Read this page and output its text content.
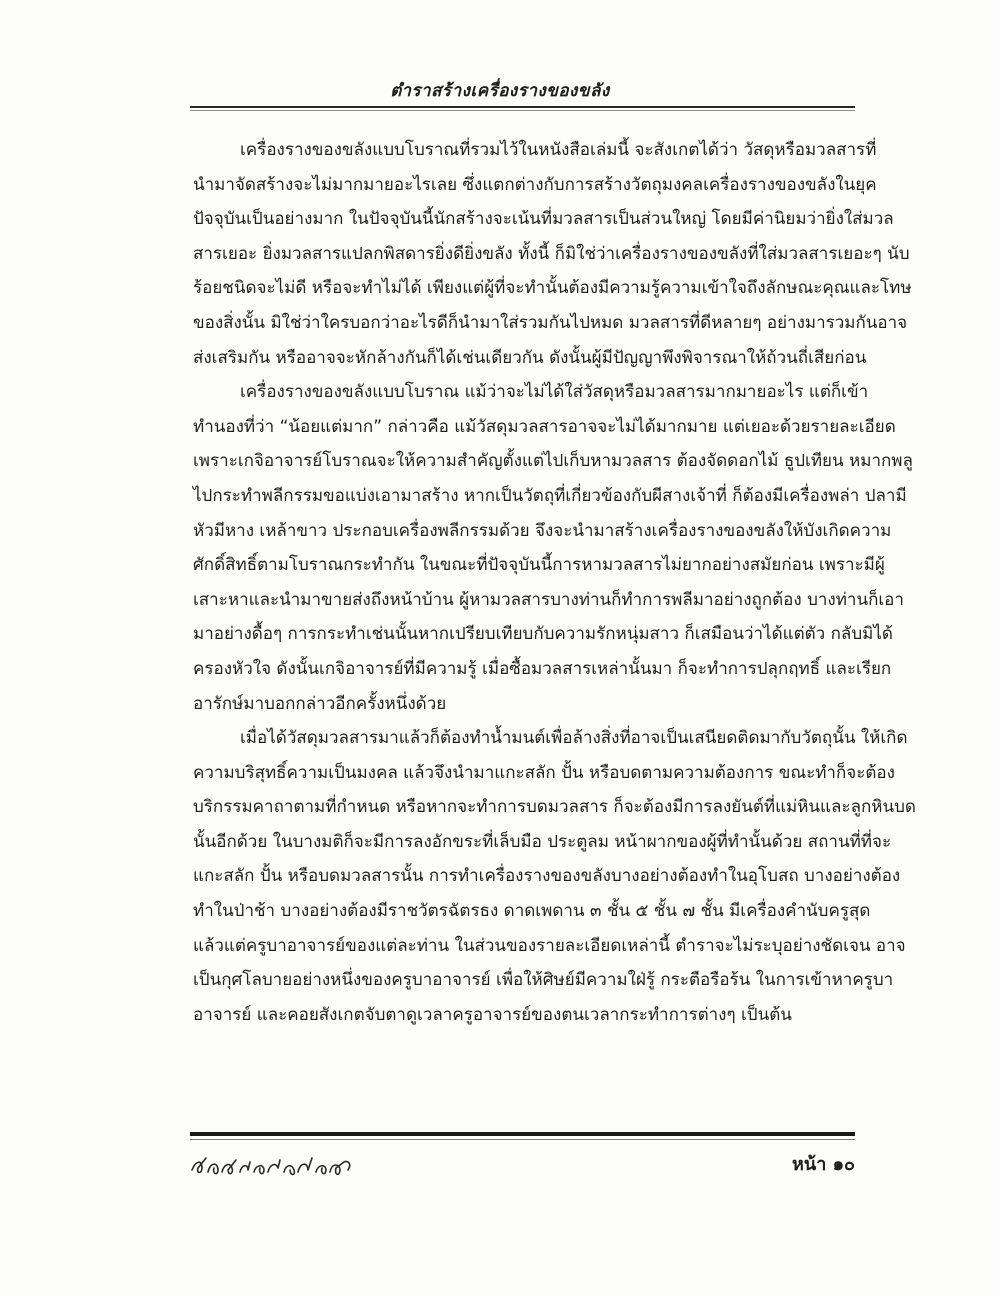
ตำราสร้างเครื่องรางของขลัง
เครื่องรางของขลังแบบโบราณที่รวมไว้ในหนังสือเล่มนี้ จะสังเกตได้ว่า วัสดุหรือมวลสารที่
นำมาจัดสร้างจะไม่มากมายอะไรเลย ซึ่งแตกต่างกับการสร้างวัตถุมงคลเครื่องรางของขลังในยุค
ปัจจุบันเป็นอย่างมาก ในปัจจุบันนี้นักสร้างจะเน้นที่มวลสารเป็นส่วนใหญ่ โดยมีค่านิยมว่ายิ่งใส่มวล
สารเยอะ ยิ่งมวลสารแปลกพิสดารยิ่งดียิ่งขลัง ทั้งนี้ ก็มิใช่ว่าเครื่องรางของขลังที่ใส่มวลสารเยอะๆ นับ
ร้อยชนิดจะไม่ดี หรือจะทำไม่ได้ เพียงแต่ผู้ที่จะทำนั้นต้องมีความรู้ความเข้าใจถึงลักษณะคุณและโทษ
ของสิ่งนั้น มิใช่ว่าใครบอกว่าอะไรดีก็นำมาใส่รวมกันไปหมด มวลสารที่ดีหลายๆ อย่างมารวมกันอาจ
ส่งเสริมกัน หรืออาจจะหักล้างกันก็ได้เช่นเดียวกัน ดังนั้นผู้มีปัญญาพึงพิจารณาให้ถ้วนถี่เสียก่อน
เครื่องรางของขลังแบบโบราณ แม้ว่าจะไม่ได้ใส่วัสดุหรือมวลสารมากมายอะไร แต่ก็เข้า
ทำนองที่ว่า “น้อยแต่มาก” กล่าวคือ แม้วัสดุมวลสารอาจจะไม่ได้มากมาย แต่เยอะด้วยรายละเอียด
เพราะเกจิอาจารย์โบราณจะให้ความสำคัญตั้งแต่ไปเก็บหามวลสาร ต้องจัดดอกไม้ ธูปเทียน หมากพลู
ไปกระทำพลีกรรมขอแบ่งเอามาสร้าง หากเป็นวัตถุที่เกี่ยวข้องกับผีสางเจ้าที่ ก็ต้องมีเครื่องพล่า ปลามี
หัวมีหาง เหล้าขาว ประกอบเครื่องพลีกรรมด้วย จึงจะนำมาสร้างเครื่องรางของขลังให้บังเกิดความ
ศักดิ์สิทธิ์ตามโบราณกระทำกัน ในขณะที่ปัจจุบันนี้การหามวลสารไม่ยากอย่างสมัยก่อน เพราะมีผู้
เสาะหาและนำมาขายส่งถึงหน้าบ้าน ผู้หามวลสารบางท่านก็ทำการพลีมาอย่างถูกต้อง บางท่านก็เอา
มาอย่างดื้อๆ การกระทำเช่นนั้นหากเปรียบเทียบกับความรักหนุ่มสาว ก็เสมือนว่าได้แต่ตัว กลับมิได้
ครองหัวใจ ดังนั้นเกจิอาจารย์ที่มีความรู้ เมื่อซื้อมวลสารเหล่านั้นมา ก็จะทำการปลุกฤทธิ์ และเรียก
อารักษ์มาบอกกล่าวอีกครั้งหนึ่งด้วย
เมื่อได้วัสดุมวลสารมาแล้วก็ต้องทำน้ำมนต์เพื่อล้างสิ่งที่อาจเป็นเสนียดติดมากับวัตถุนั้น ให้เกิด
ความบริสุทธิ์ความเป็นมงคล แล้วจึงนำมาแกะสลัก ปั้น หรือบดตามความต้องการ ขณะทำก็จะต้อง
บริกรรมคาถาตามที่กำหนด หรือหากจะทำการบดมวลสาร ก็จะต้องมีการลงยันต์ที่แม่หินและลูกหินบด
นั้นอีกด้วย ในบางมติก็จะมีการลงอักขระที่เล็บมือ ประตูลม หน้าผากของผู้ที่ทำนั้นด้วย สถานที่ที่จะ
แกะสลัก ปั้น หรือบดมวลสารนั้น การทำเครื่องรางของขลังบางอย่างต้องทำในอุโบสถ บางอย่างต้อง
ทำในป่าช้า บางอย่างต้องมีราชวัตรฉัตรธง ดาดเพดาน ๓ ชั้น ๕ ชั้น ๗ ชั้น มีเครื่องคำนับครูสุด
แล้วแต่ครูบาอาจารย์ของแต่ละท่าน ในส่วนของรายละเอียดเหล่านี้ ตำราจะไม่ระบุอย่างชัดเจน อาจ
เป็นกุศโลบายอย่างหนึ่งของครูบาอาจารย์ เพื่อให้ศิษย์มีความใฝ่รู้ กระตือรือร้น ในการเข้าหาครูบา
อาจารย์ และคอยสังเกตจับตาดูเวลาครูอาจารย์ของตนเวลากระทำการต่างๆ เป็นต้น
หน้า ๑๐
